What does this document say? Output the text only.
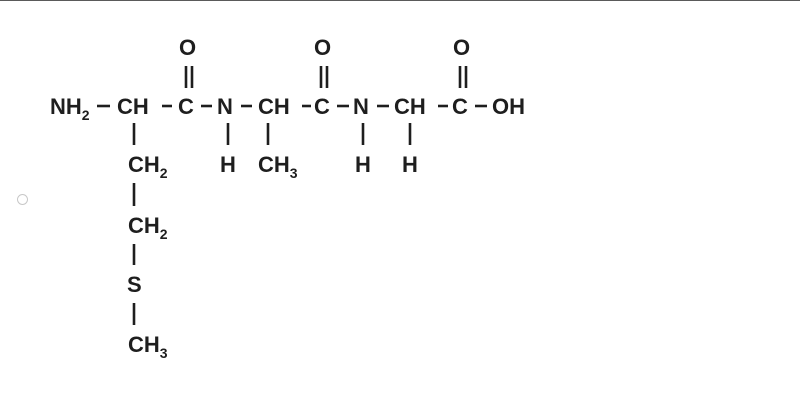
$NH_2$ CH C N CH C N CH C OH
O	O	O
$CH_2$
$CH_2$
S
$CH_3$
H $CH_3$	H H
